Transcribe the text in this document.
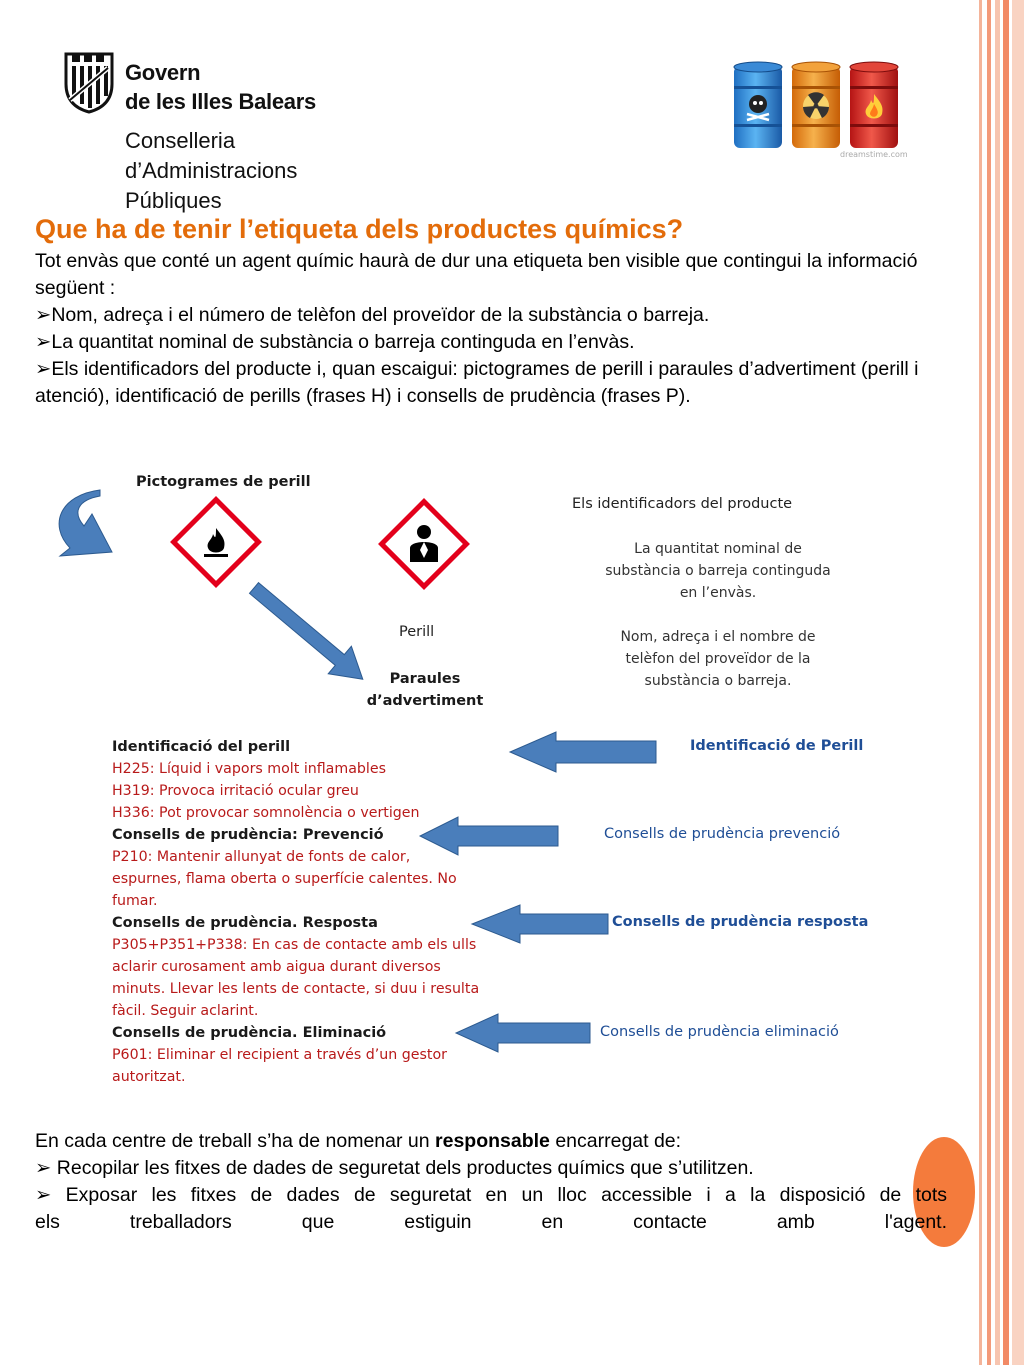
Govern
de les Illes Balears
Conselleria
d’Administracions
Públiques
dreamstime.com
Que ha de tenir l’etiqueta dels productes químics?

Tot envàs que conté un agent químic haurà de dur una etiqueta ben visible que contingui la informació següent :

➢ Nom, adreça i el número de telèfon del proveïdor de la substància o barreja.

➢ La quantitat nominal de substància o barreja continguda en l’envàs.

➢ Els identificadors del producte i, quan escaigui: pictogrames de perill i paraules d’advertiment (perill i atenció), identificació de perills (frases H) i consells de prudència (frases P).

Pictogrames de perill
Perill
Paraules d’advertiment
Els identificadors del producte
La quantitat nominal de
substància o barreja continguda
en l’envàs.
Nom, adreça i el nombre de
telèfon del proveïdor de la
substància o barreja.
Identificació del perill
H225: Líquid i vapors molt inflamables
H319: Provoca irritació ocular greu
H336: Pot provocar somnolència o vertigen
Consells de prudència: Prevenció
P210: Mantenir allunyat de fonts de calor,
espurnes, flama oberta o superfície calentes. No
fumar.
Consells de prudència. Resposta
P305+P351+P338: En cas de contacte amb els ulls
aclarir curosament amb aigua durant diversos
minuts. Llevar les lents de contacte, si duu i resulta
fàcil. Seguir aclarint.
Consells de prudència. Eliminació
P601: Eliminar el recipient a través d’un gestor
autoritzat.
Identificació de Perill
Consells de prudència prevenció
Consells de prudència resposta
Consells de prudència eliminació

En cada centre de treball s’ha de nomenar un responsable encarregat de:

➢ Recopilar les fitxes de dades de seguretat dels productes químics que s’utilitzen.

➢ Exposar les fitxes de dades de seguretat en un lloc accessible i a la disposició de tots

els	treballadors	que	estiguin	en	contacte	amb	l'agent.
